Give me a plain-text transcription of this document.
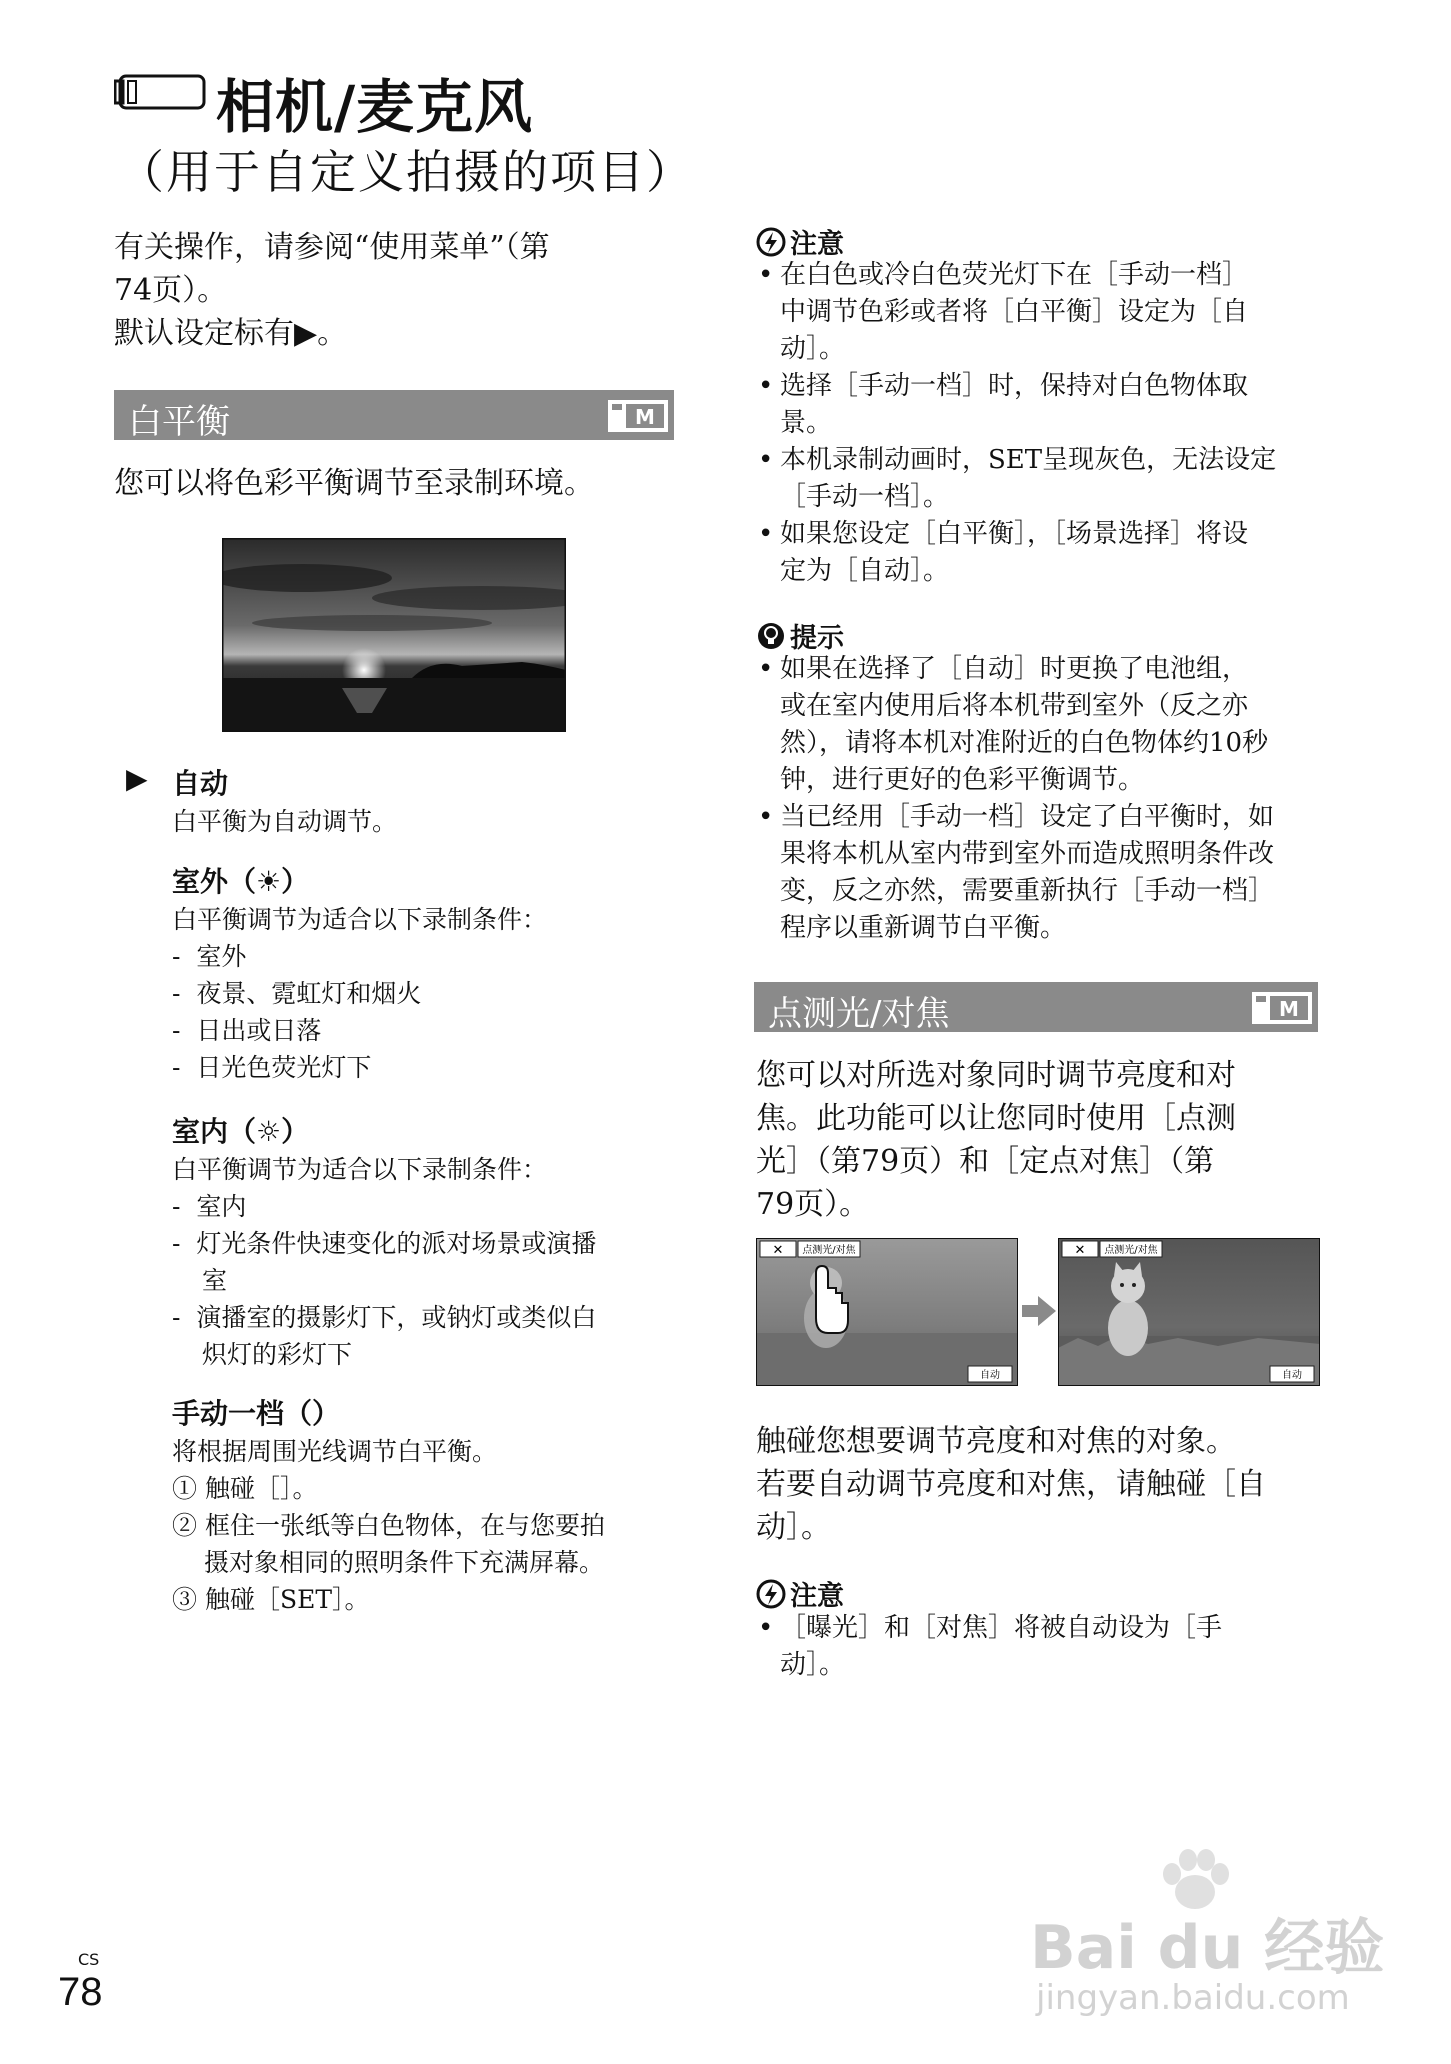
相机/麦克风
（用于自定义拍摄的项目）
有关操作，请参阅“使用菜单”（第
74页）。
默认设定标有▶。
白平衡	M
您可以将色彩平衡调节至录制环境。
▶ 自动
白平衡为自动调节。
室外（☀）
白平衡调节为适合以下录制条件：
-  室外
-  夜景、霓虹灯和烟火
-  日出或日落
-  日光色荧光灯下
室内（☼）
白平衡调节为适合以下录制条件：
-  室内
-  灯光条件快速变化的派对场景或演播
室
-  演播室的摄影灯下，或钠灯或类似白
炽灯的彩灯下
手动一档（）
将根据周围光线调节白平衡。
① 触碰［］。
② 框住一张纸等白色物体，在与您要拍
摄对象相同的照明条件下充满屏幕。
③ 触碰［SET］。
注意
• 在白色或冷白色荧光灯下在［手动一档］
中调节色彩或者将［白平衡］设定为［自
动］。
• 选择［手动一档］时，保持对白色物体取
景。
• 本机录制动画时，SET呈现灰色，无法设定
［手动一档］。
• 如果您设定［白平衡］，［场景选择］将设
定为［自动］。
提示
• 如果在选择了［自动］时更换了电池组，
或在室内使用后将本机带到室外（反之亦
然），请将本机对准附近的白色物体约10秒
钟，进行更好的色彩平衡调节。
• 当已经用［手动一档］设定了白平衡时，如
果将本机从室内带到室外而造成照明条件改
变，反之亦然，需要重新执行［手动一档］
程序以重新调节白平衡。
点测光/对焦	M
您可以对所选对象同时调节亮度和对
焦。此功能可以让您同时使用［点测
光］（第79页）和［定点对焦］（第
79页）。
✕ 点测光/对焦
自动
✕ 点测光/对焦
自动
触碰您想要调节亮度和对焦的对象。
若要自动调节亮度和对焦，请触碰［自
动］。
注意
• ［曝光］和［对焦］将被自动设为［手
动］。
CS
78
Bai du 经验
jingyan.baidu.com
